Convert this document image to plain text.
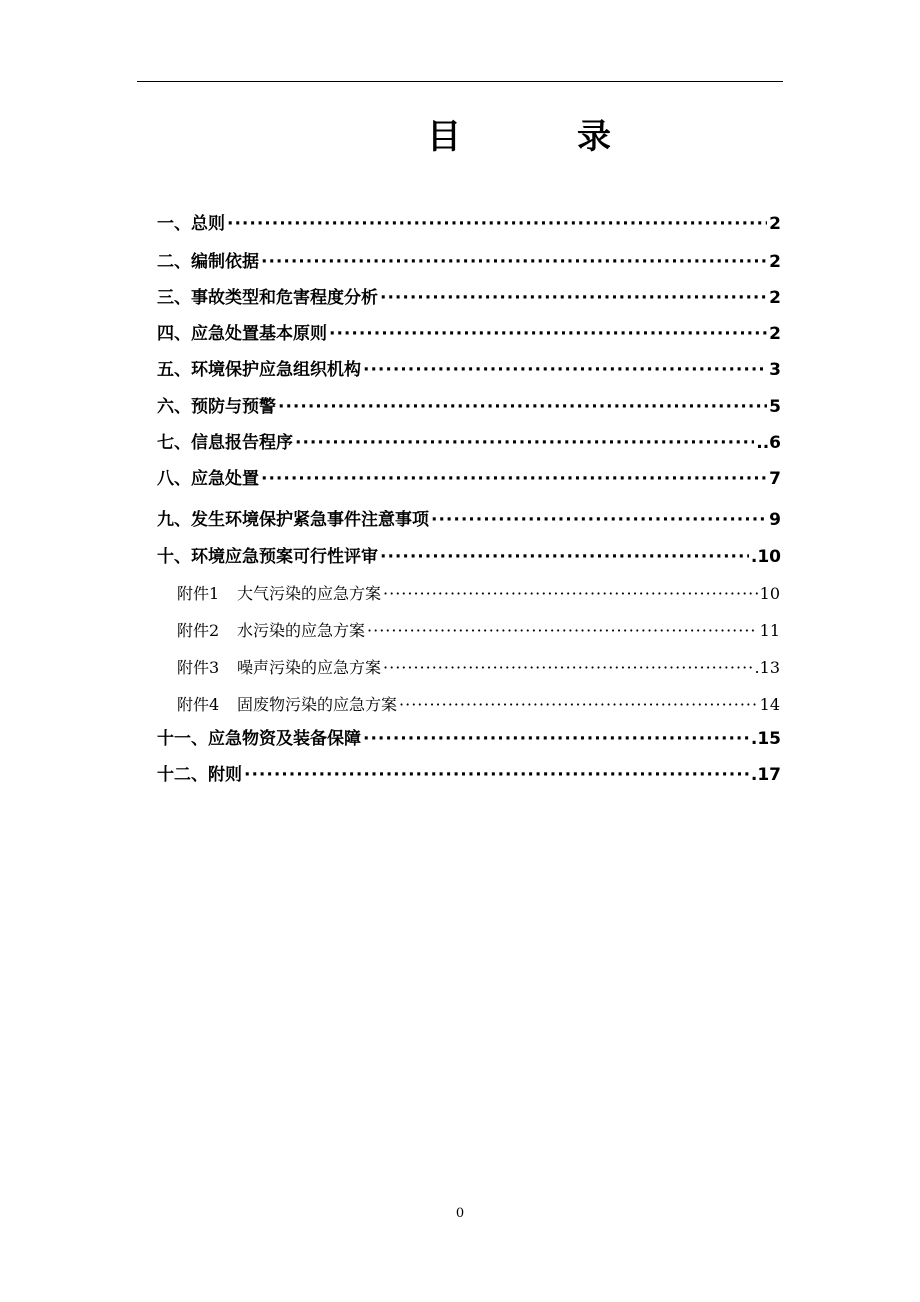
目	录
一、总则 ·····	2
二、编制依据 ·····	2
三、事故类型和危害程度分析 ·····	2
四、应急处置基本原则 ·····	2
五、环境保护应急组织机构 ·····	3
六、预防与预警 ·····	5
七、信息报告程序 ·····	..6
八、应急处置 ·····	7
九、发生环境保护紧急事件注意事项 ·····	9
十、环境应急预案可行性评审 ·····	.10
附件1 大气污染的应急方案 ·····	10
附件2 水污染的应急方案 ·····	11
附件3 噪声污染的应急方案 ·····	.13
附件4 固废物污染的应急方案 ·····	14
十一、应急物资及装备保障 ·····	.15
十二、附则 ·····	.17
0
